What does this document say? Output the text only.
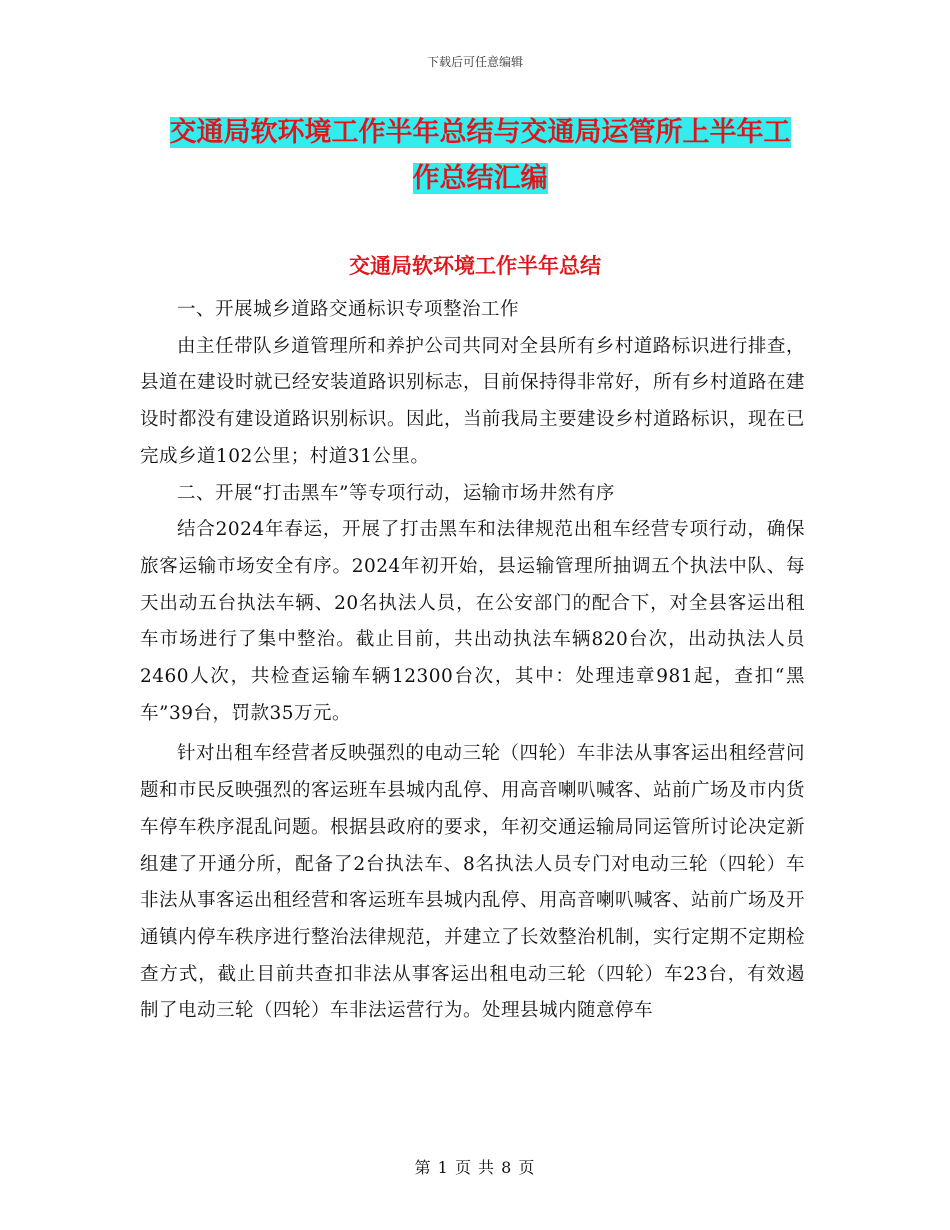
下载后可任意编辑
交通局软环境工作半年总结与交通局运管所上半年工
作总结汇编
交通局软环境工作半年总结

一、开展城乡道路交通标识专项整治工作

由主任带队乡道管理所和养护公司共同对全县所有乡村道路标识进行排查，县道在建设时就已经安装道路识别标志，目前保持得非常好，所有乡村道路在建设时都没有建设道路识别标识。因此，当前我局主要建设乡村道路标识，现在已完成乡道102公里；村道31公里。

二、开展“打击黑车”等专项行动，运输市场井然有序

结合2024年春运，开展了打击黑车和法律规范出租车经营专项行动，确保旅客运输市场安全有序。2024年初开始，县运输管理所抽调五个执法中队、每天出动五台执法车辆、20名执法人员，在公安部门的配合下，对全县客运出租车市场进行了集中整治。截止目前，共出动执法车辆820台次，出动执法人员2460人次，共检查运输车辆12300台次，其中：处理违章981起，查扣“黑车”39台，罚款35万元。

针对出租车经营者反映强烈的电动三轮（四轮）车非法从事客运出租经营问题和市民反映强烈的客运班车县城内乱停、用高音喇叭喊客、站前广场及市内货车停车秩序混乱问题。根据县政府的要求，年初交通运输局同运管所讨论决定新组建了开通分所，配备了2台执法车、8名执法人员专门对电动三轮（四轮）车非法从事客运出租经营和客运班车县城内乱停、用高音喇叭喊客、站前广场及开通镇内停车秩序进行整治法律规范，并建立了长效整治机制，实行定期不定期检查方式，截止目前共查扣非法从事客运出租电动三轮（四轮）车23台，有效遏制了电动三轮（四轮）车非法运营行为。处理县城内随意停车

第 1 页 共 8 页
